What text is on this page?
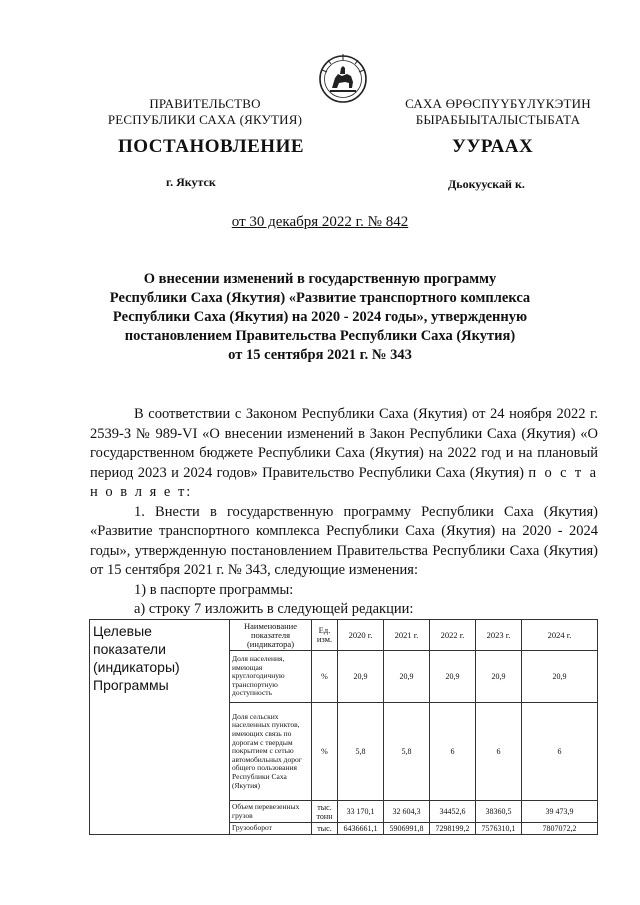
ПРАВИТЕЛЬСТВО
РЕСПУБЛИКИ САХА (ЯКУТИЯ)
САХА ӨРӨСПҮҮБҮЛҮКЭТИН
БЫРАБЫЫТАЛЫСТЫБАТА
ПОСТАНОВЛЕНИЕ	УУРААХ
г. Якутск	Дьокуускай к.
от 30 декабря 2022 г. № 842
О внесении изменений в государственную программу
Республики Саха (Якутия) «Развитие транспортного комплекса
Республики Саха (Якутия) на 2020 - 2024 годы», утвержденную
постановлением Правительства Республики Саха (Якутия)
от 15 сентября 2021 г. № 343

В соответствии с Законом Республики Саха (Якутия) от 24 ноября 2022 г. 2539-З № 989-VI «О внесении изменений в Закон Республики Саха (Якутия) «О государственном бюджете Республики Саха (Якутия) на 2022 год и на плановый период 2023 и 2024 годов» Правительство Республики Саха (Якутия) п о с т а н о в л я е т:

1. Внести в государственную программу Республики Саха (Якутия) «Развитие транспортного комплекса Республики Саха (Якутия) на 2020 - 2024 годы», утвержденную постановлением Правительства Республики Саха (Якутия) от 15 сентября 2021 г. № 343, следующие изменения:

1) в паспорте программы:

а) строку 7 изложить в следующей редакции:

Целевые показатели (индикаторы) Программы	Наименование показателя (индикатора)	Ед. изм.	2020 г.	2021 г.	2022 г.	2023 г.	2024 г.
	Доля населения, имеющая круглогодичную транспортную доступность	%	20,9	20,9	20,9	20,9	20,9
	Доля сельских населенных пунктов, имеющих связь по дорогам с твердым покрытием с сетью автомобильных дорог общего пользования Республики Саха (Якутия)	%	5,8	5,8	6	6	6
	Объем перевезенных грузов	тыс. тонн	33 170,1	32 604,3	34452,6	38360,5	39 473,9
	Грузооборот	тыс.	6436661,1	5906991,8	7298199,2	7576310,1	7807072,2
